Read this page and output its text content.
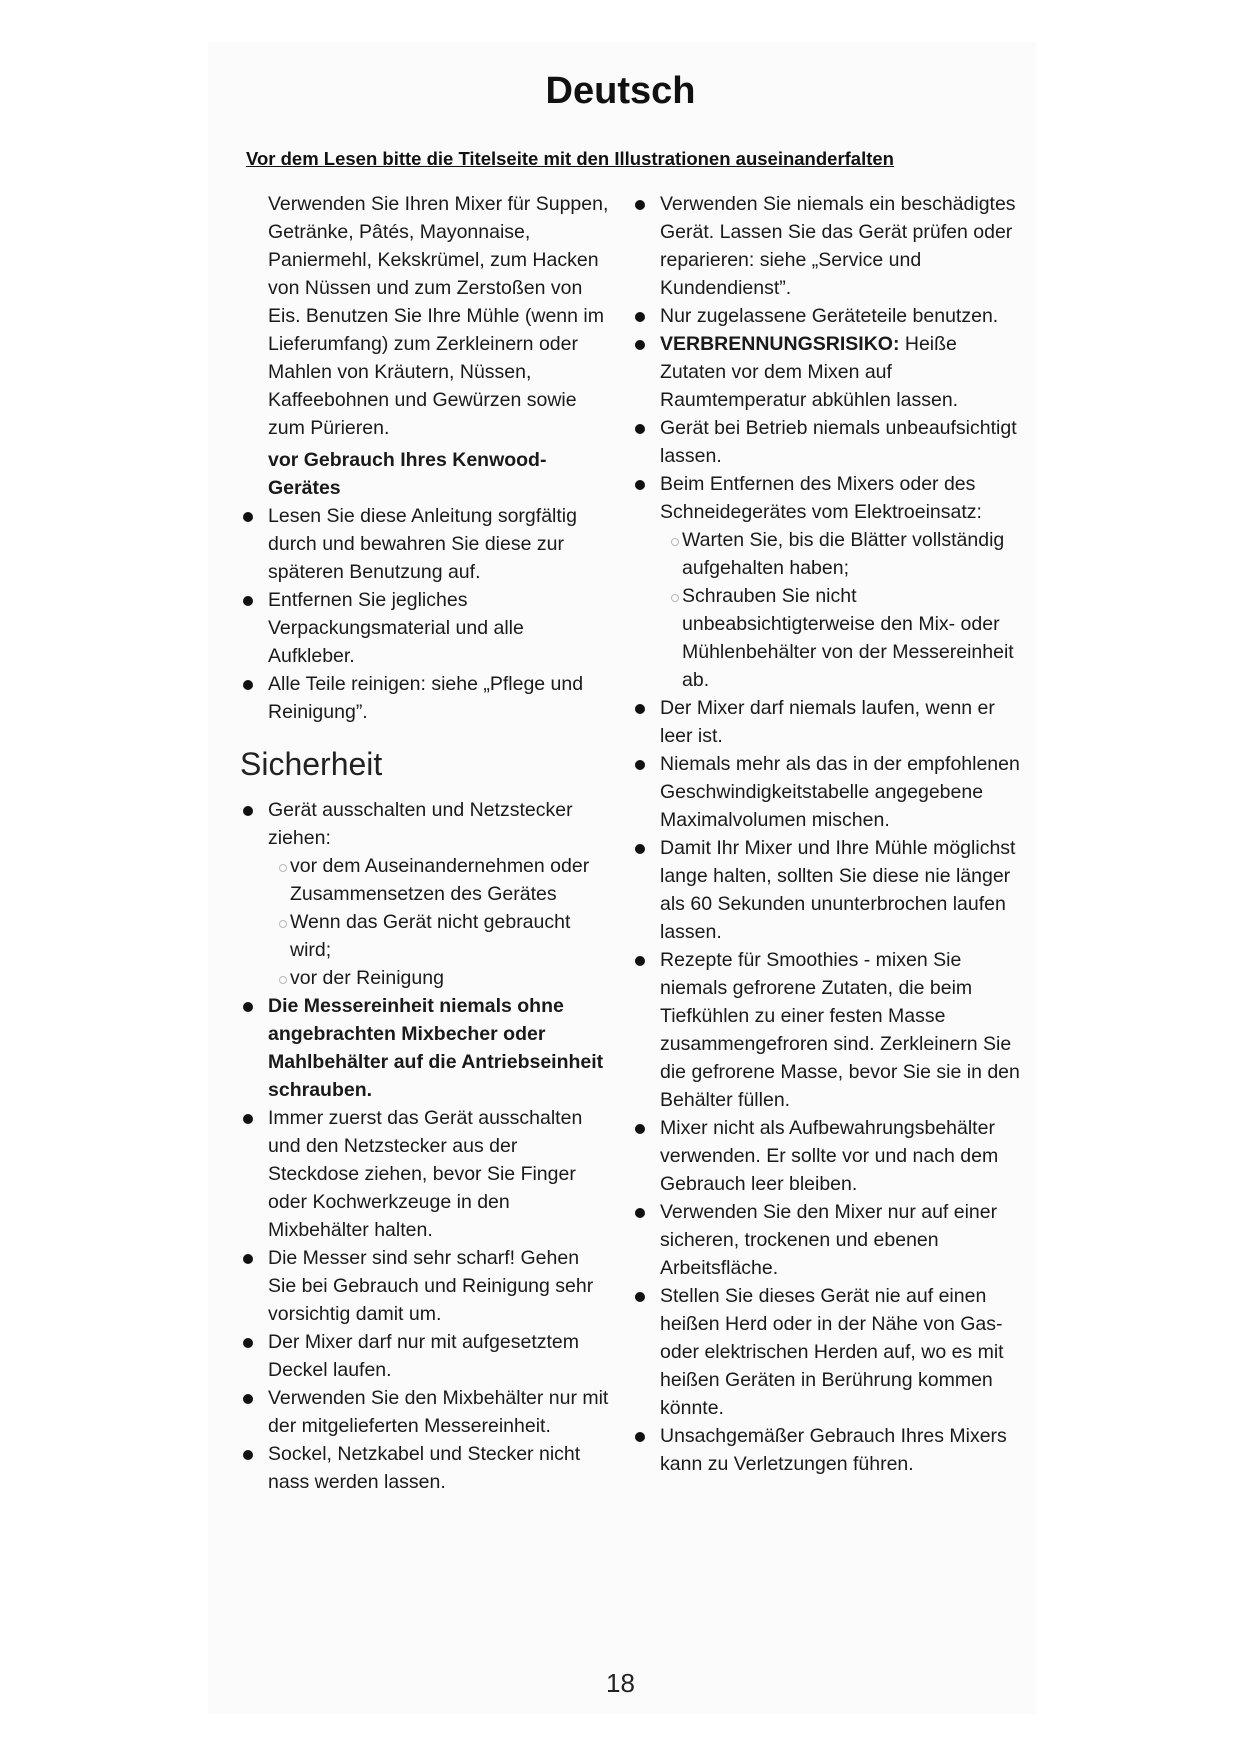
Deutsch
Vor dem Lesen bitte die Titelseite mit den Illustrationen auseinanderfalten

Verwenden Sie Ihren Mixer für Suppen, Getränke, Pâtés, Mayonnaise, Paniermehl, Kekskrümel, zum Hacken von Nüssen und zum Zerstoßen von Eis. Benutzen Sie Ihre Mühle (wenn im Lieferumfang) zum Zerkleinern oder Mahlen von Kräutern, Nüssen, Kaffeebohnen und Gewürzen sowie zum Pürieren.

vor Gebrauch Ihres Kenwood-Gerätes
Lesen Sie diese Anleitung sorgfältig durch und bewahren Sie diese zur späteren Benutzung auf.
Entfernen Sie jegliches Verpackungsmaterial und alle Aufkleber.
Alle Teile reinigen: siehe „Pflege und Reinigung”.
Sicherheit
Gerät ausschalten und Netzstecker ziehen:
vor dem Auseinandernehmen oder Zusammensetzen des Gerätes
Wenn das Gerät nicht gebraucht wird;
vor der Reinigung
Die Messereinheit niemals ohne angebrachten Mixbecher oder Mahlbehälter auf die Antriebseinheit schrauben.
Immer zuerst das Gerät ausschalten und den Netzstecker aus der Steckdose ziehen, bevor Sie Finger oder Kochwerkzeuge in den Mixbehälter halten.
Die Messer sind sehr scharf! Gehen Sie bei Gebrauch und Reinigung sehr vorsichtig damit um.
Der Mixer darf nur mit aufgesetztem Deckel laufen.
Verwenden Sie den Mixbehälter nur mit der mitgelieferten Messereinheit.
Sockel, Netzkabel und Stecker nicht nass werden lassen.
Verwenden Sie niemals ein beschädigtes Gerät. Lassen Sie das Gerät prüfen oder reparieren: siehe „Service und Kundendienst”.
Nur zugelassene Geräteteile benutzen.
VERBRENNUNGSRISIKO: Heiße Zutaten vor dem Mixen auf Raumtemperatur abkühlen lassen.
Gerät bei Betrieb niemals unbeaufsichtigt lassen.
Beim Entfernen des Mixers oder des Schneidegerätes vom Elektroeinsatz:
Warten Sie, bis die Blätter vollständig aufgehalten haben;
Schrauben Sie nicht unbeabsichtigterweise den Mix- oder Mühlenbehälter von der Messereinheit ab.
Der Mixer darf niemals laufen, wenn er leer ist.
Niemals mehr als das in der empfohlenen Geschwindigkeitstabelle angegebene Maximalvolumen mischen.
Damit Ihr Mixer und Ihre Mühle möglichst lange halten, sollten Sie diese nie länger als 60 Sekunden ununterbrochen laufen lassen.
Rezepte für Smoothies - mixen Sie niemals gefrorene Zutaten, die beim Tiefkühlen zu einer festen Masse zusammengefroren sind. Zerkleinern Sie die gefrorene Masse, bevor Sie sie in den Behälter füllen.
Mixer nicht als Aufbewahrungsbehälter verwenden. Er sollte vor und nach dem Gebrauch leer bleiben.
Verwenden Sie den Mixer nur auf einer sicheren, trockenen und ebenen Arbeitsfläche.
Stellen Sie dieses Gerät nie auf einen heißen Herd oder in der Nähe von Gas- oder elektrischen Herden auf, wo es mit heißen Geräten in Berührung kommen könnte.
Unsachgemäßer Gebrauch Ihres Mixers kann zu Verletzungen führen.
18
